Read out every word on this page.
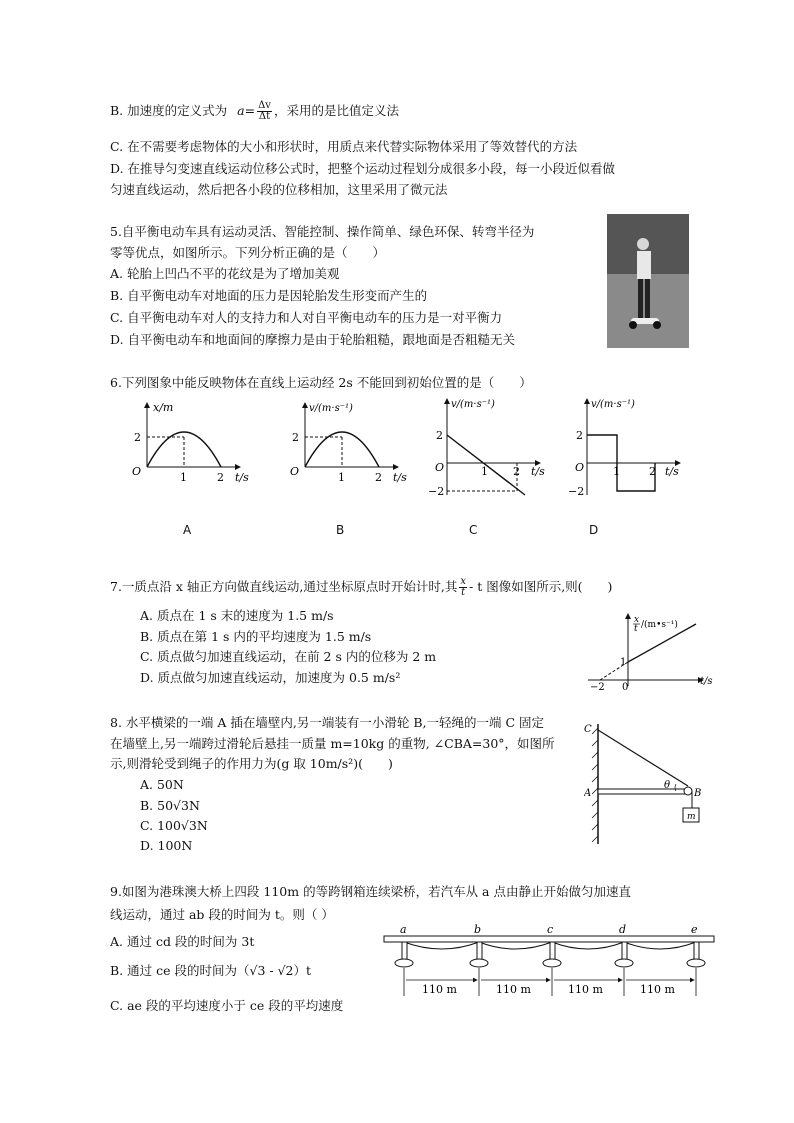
B. 加速度的定义式为 $a= \frac{\Delta v}{\Delta t}$ ，采用的是比值定义法
C. 在不需要考虑物体的大小和形状时，用质点来代替实际物体采用了等效替代的方法
D. 在推导匀变速直线运动位移公式时，把整个运动过程划分成很多小段，每一小段近似看做
匀速直线运动，然后把各小段的位移相加，这里采用了微元法
5.自平衡电动车具有运动灵活、智能控制、操作简单、绿色环保、转弯半径为
零等优点，如图所示。下列分析正确的是（　　）
A. 轮胎上凹凸不平的花纹是为了增加美观
B. 自平衡电动车对地面的压力是因轮胎发生形变而产生的
C. 自平衡电动车对人的支持力和人对自平衡电动车的压力是一对平衡力
D. 自平衡电动车和地面间的摩擦力是由于轮胎粗糙，跟地面是否粗糙无关
6.下列图象中能反映物体在直线上运动经 2s 不能回到初始位置的是（　　）
x/m
2
O	1	2 t/s
v/(m·s⁻¹)
2
O	1	2 t/s
v/(m·s⁻¹)
2
−2
O	1 2 t/s
v/(m·s⁻¹)
2
−2
O	1	2 t/s
A	B	C	D
7.一质点沿 x 轴正方向做直线运动,通过坐标原点时开始计时,其 $\frac{x}{t}$ - t 图像如图所示,则(　　)
A. 质点在 1 s 末的速度为 1.5 m/s
B. 质点在第 1 s 内的平均速度为 1.5 m/s
C. 质点做匀加速直线运动，在前 2 s 内的位移为 2 m
D. 质点做匀加速直线运动，加速度为 0.5 m/s²
x
t /(m•s⁻¹)
1
−2 0
t/s
8. 水平横梁的一端 A 插在墙壁内,另一端装有一小滑轮 B,一轻绳的一端 C 固定
在墙壁上,另一端跨过滑轮后悬挂一质量 m=10kg 的重物, ∠CBA=30°，如图所
示,则滑轮受到绳子的作用力为(g 取 10m/s²)(　　)
A. 50N
B. 50√3N
C. 100√3N
D. 100N
C
A	B
θ
m
9.如图为港珠澳大桥上四段 110m 的等跨钢箱连续梁桥，若汽车从 a 点由静止开始做匀加速直
线运动，通过 ab 段的时间为 t。则（ ）
A. 通过 cd 段的时间为 3t
B. 通过 ce 段的时间为（√3 - √2）t
C. ae 段的平均速度小于 ce 段的平均速度
a	b	c	d	e
110 m	110 m	110 m	110 m
